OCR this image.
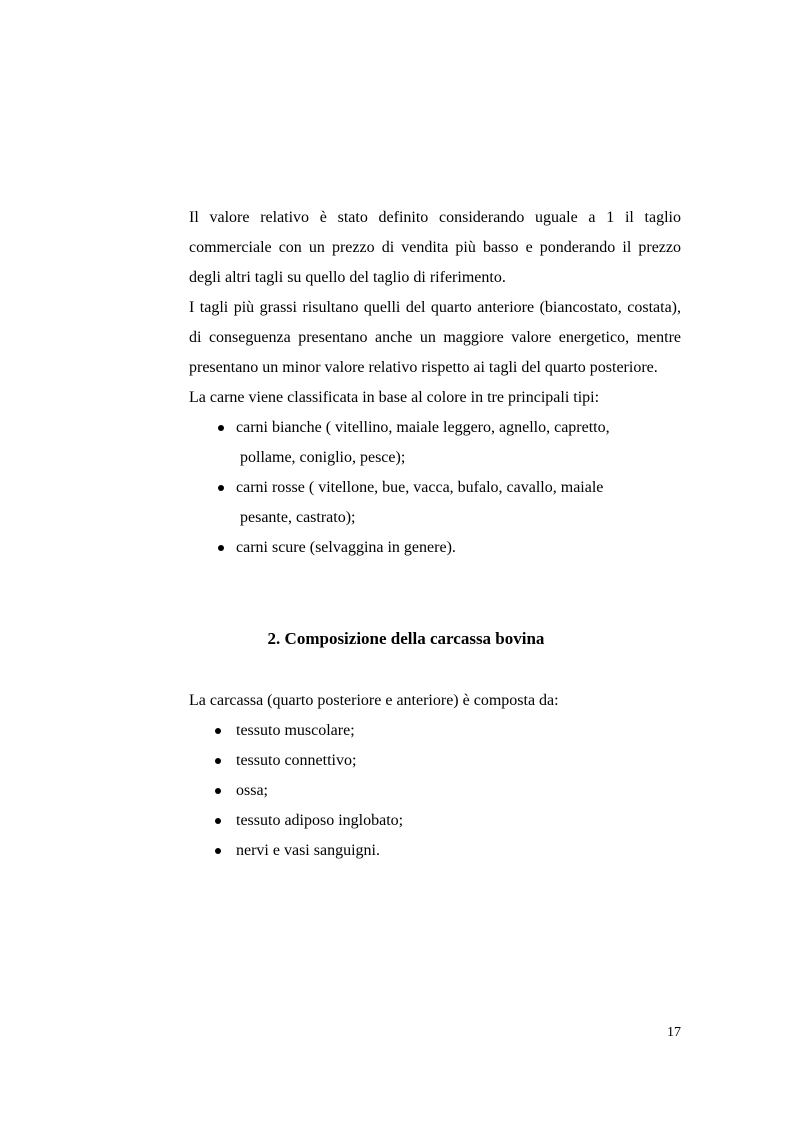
Il valore relativo è stato definito considerando uguale a 1 il taglio commerciale con un prezzo di vendita più basso e ponderando il prezzo degli altri tagli su quello del taglio di riferimento.

I tagli più grassi risultano quelli del quarto anteriore (biancostato, costata), di conseguenza presentano anche un maggiore valore energetico, mentre presentano un minor valore relativo rispetto ai tagli del quarto posteriore.

La carne viene classificata in base al colore in tre principali tipi:

carni bianche ( vitellino, maiale leggero, agnello, capretto,
pollame, coniglio, pesce);
carni rosse ( vitellone, bue, vacca, bufalo, cavallo, maiale
pesante, castrato);
carni scure (selvaggina in genere).
2. Composizione della carcassa bovina

La carcassa (quarto posteriore e anteriore) è composta da:

tessuto muscolare;
tessuto connettivo;
ossa;
tessuto adiposo inglobato;
nervi e vasi sanguigni.
17
